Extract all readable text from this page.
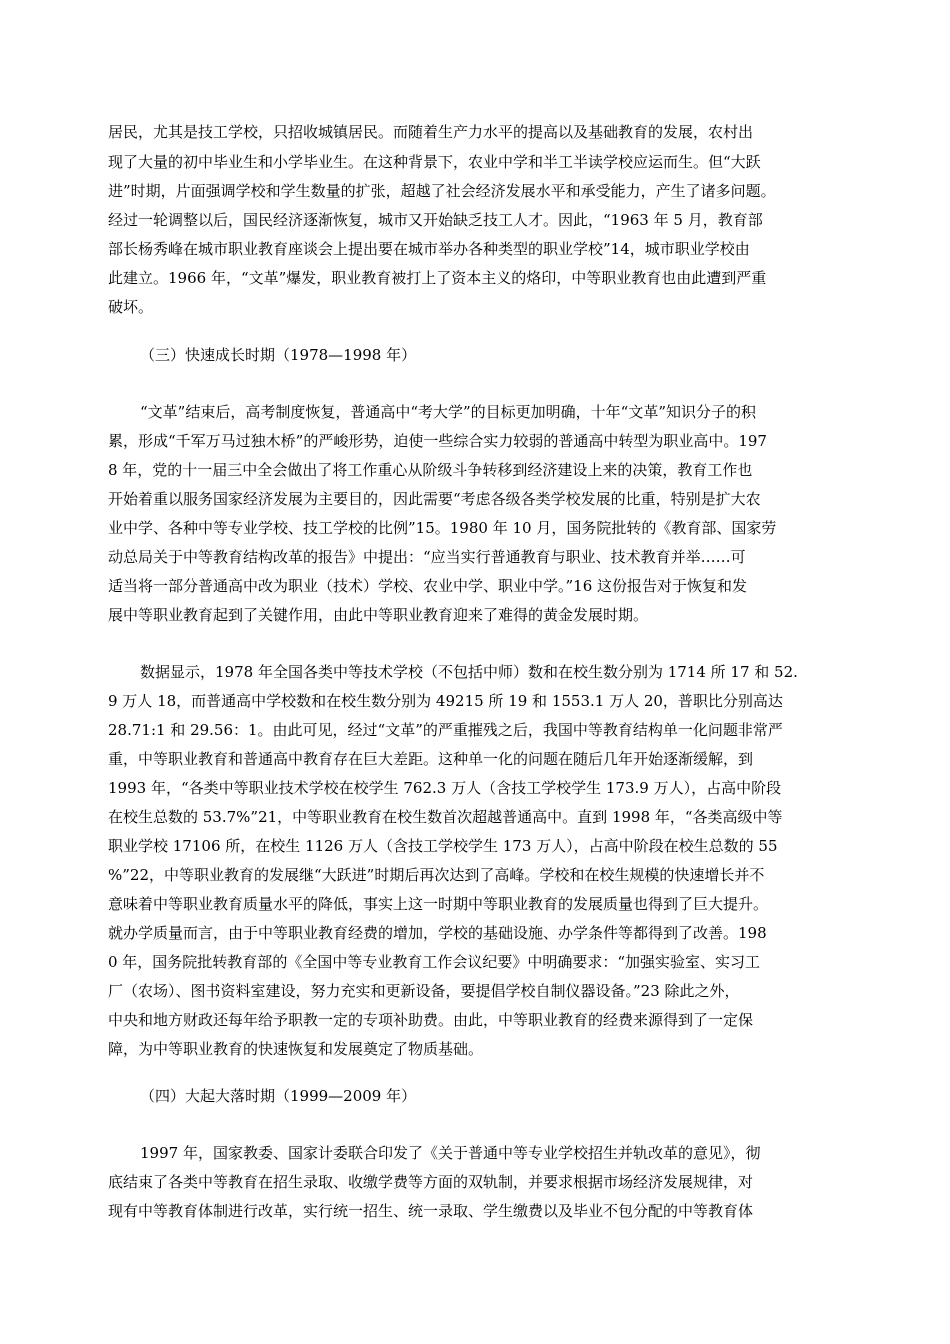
居民，尤其是技工学校，只招收城镇居民。而随着生产力水平的提高以及基础教育的发展，农村出
现了大量的初中毕业生和小学毕业生。在这种背景下，农业中学和半工半读学校应运而生。但“大跃
进”时期，片面强调学校和学生数量的扩张，超越了社会经济发展水平和承受能力，产生了诸多问题。
经过一轮调整以后，国民经济逐渐恢复，城市又开始缺乏技工人才。因此，“1963 年 5 月，教育部
部长杨秀峰在城市职业教育座谈会上提出要在城市举办各种类型的职业学校”14，城市职业学校由
此建立。1966 年，“文革”爆发，职业教育被打上了资本主义的烙印，中等职业教育也由此遭到严重
破坏。
（三）快速成长时期（1978—1998 年）
“文革”结束后，高考制度恢复，普通高中“考大学”的目标更加明确，十年“文革”知识分子的积
累，形成“千军万马过独木桥”的严峻形势，迫使一些综合实力较弱的普通高中转型为职业高中。197
8 年，党的十一届三中全会做出了将工作重心从阶级斗争转移到经济建设上来的决策，教育工作也
开始着重以服务国家经济发展为主要目的，因此需要“考虑各级各类学校发展的比重，特别是扩大农
业中学、各种中等专业学校、技工学校的比例”15。1980 年 10 月，国务院批转的《教育部、国家劳
动总局关于中等教育结构改革的报告》中提出：“应当实行普通教育与职业、技术教育并举……可
适当将一部分普通高中改为职业（技术）学校、农业中学、职业中学。”16 这份报告对于恢复和发
展中等职业教育起到了关键作用，由此中等职业教育迎来了难得的黄金发展时期。
数据显示，1978 年全国各类中等技术学校（不包括中师）数和在校生数分别为 1714 所 17 和 52.
9 万人 18，而普通高中学校数和在校生数分别为 49215 所 19 和 1553.1 万人 20，普职比分别高达
28.71:1 和 29.56：1。由此可见，经过“文革”的严重摧残之后，我国中等教育结构单一化问题非常严
重，中等职业教育和普通高中教育存在巨大差距。这种单一化的问题在随后几年开始逐渐缓解，到
1993 年，“各类中等职业技术学校在校学生 762.3 万人（含技工学校学生 173.9 万人），占高中阶段
在校生总数的 53.7%”21，中等职业教育在校生数首次超越普通高中。直到 1998 年，“各类高级中等
职业学校 17106 所，在校生 1126 万人（含技工学校学生 173 万人），占高中阶段在校生总数的 55
%”22，中等职业教育的发展继“大跃进”时期后再次达到了高峰。学校和在校生规模的快速增长并不
意味着中等职业教育质量水平的降低，事实上这一时期中等职业教育的发展质量也得到了巨大提升。
就办学质量而言，由于中等职业教育经费的增加，学校的基础设施、办学条件等都得到了改善。198
0 年，国务院批转教育部的《全国中等专业教育工作会议纪要》中明确要求：“加强实验室、实习工
厂（农场）、图书资料室建设，努力充实和更新设备，要提倡学校自制仪器设备。”23 除此之外，
中央和地方财政还每年给予职教一定的专项补助费。由此，中等职业教育的经费来源得到了一定保
障，为中等职业教育的快速恢复和发展奠定了物质基础。
（四）大起大落时期（1999—2009 年）
1997 年，国家教委、国家计委联合印发了《关于普通中等专业学校招生并轨改革的意见》，彻
底结束了各类中等教育在招生录取、收缴学费等方面的双轨制，并要求根据市场经济发展规律，对
现有中等教育体制进行改革，实行统一招生、统一录取、学生缴费以及毕业不包分配的中等教育体
